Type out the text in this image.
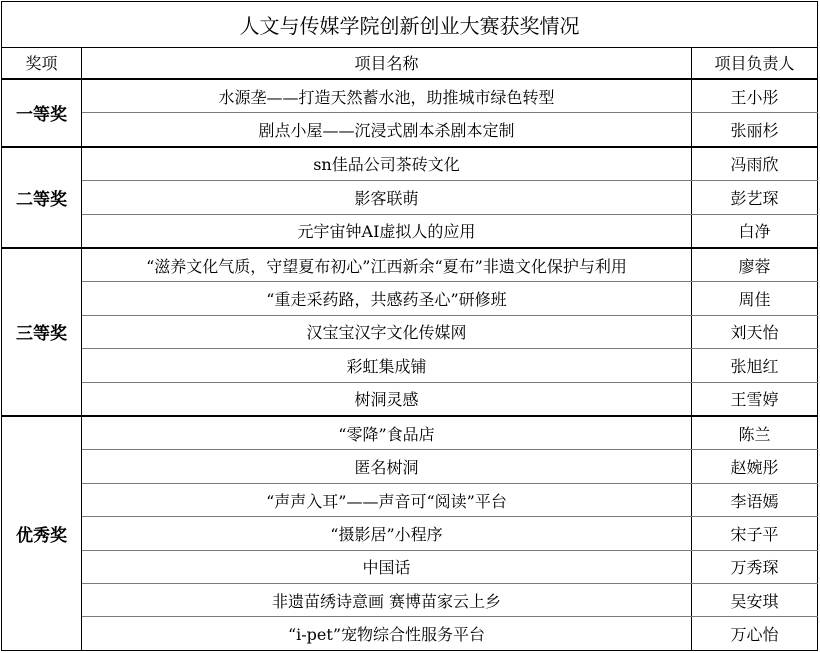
人文与传媒学院创新创业大赛获奖情况		
奖项	项目名称	项目负责人
一等奖	水源垄——打造天然蓄水池，助推城市绿色转型	王小彤
	剧点小屋——沉浸式剧本杀剧本定制	张丽杉
二等奖	sn佳品公司茶砖文化	冯雨欣
	影客联萌	彭艺琛
	元宇宙钟AI虚拟人的应用	白净
三等奖	“滋养文化气质，守望夏布初心”江西新余“夏布”非遗文化保护与利用	廖蓉
	“重走采药路，共感药圣心”研修班	周佳
	汉宝宝汉字文化传媒网	刘天怡
	彩虹集成铺	张旭红
	树洞灵感	王雪婷
优秀奖	“零降”食品店	陈兰
	匿名树洞	赵婉彤
	“声声入耳”——声音可“阅读”平台	李语嫣
	“摄影居”小程序	宋子平
	中国话	万秀琛
	非遗苗绣诗意画 赛博苗家云上乡	吴安琪
	“i-pet”宠物综合性服务平台	万心怡
